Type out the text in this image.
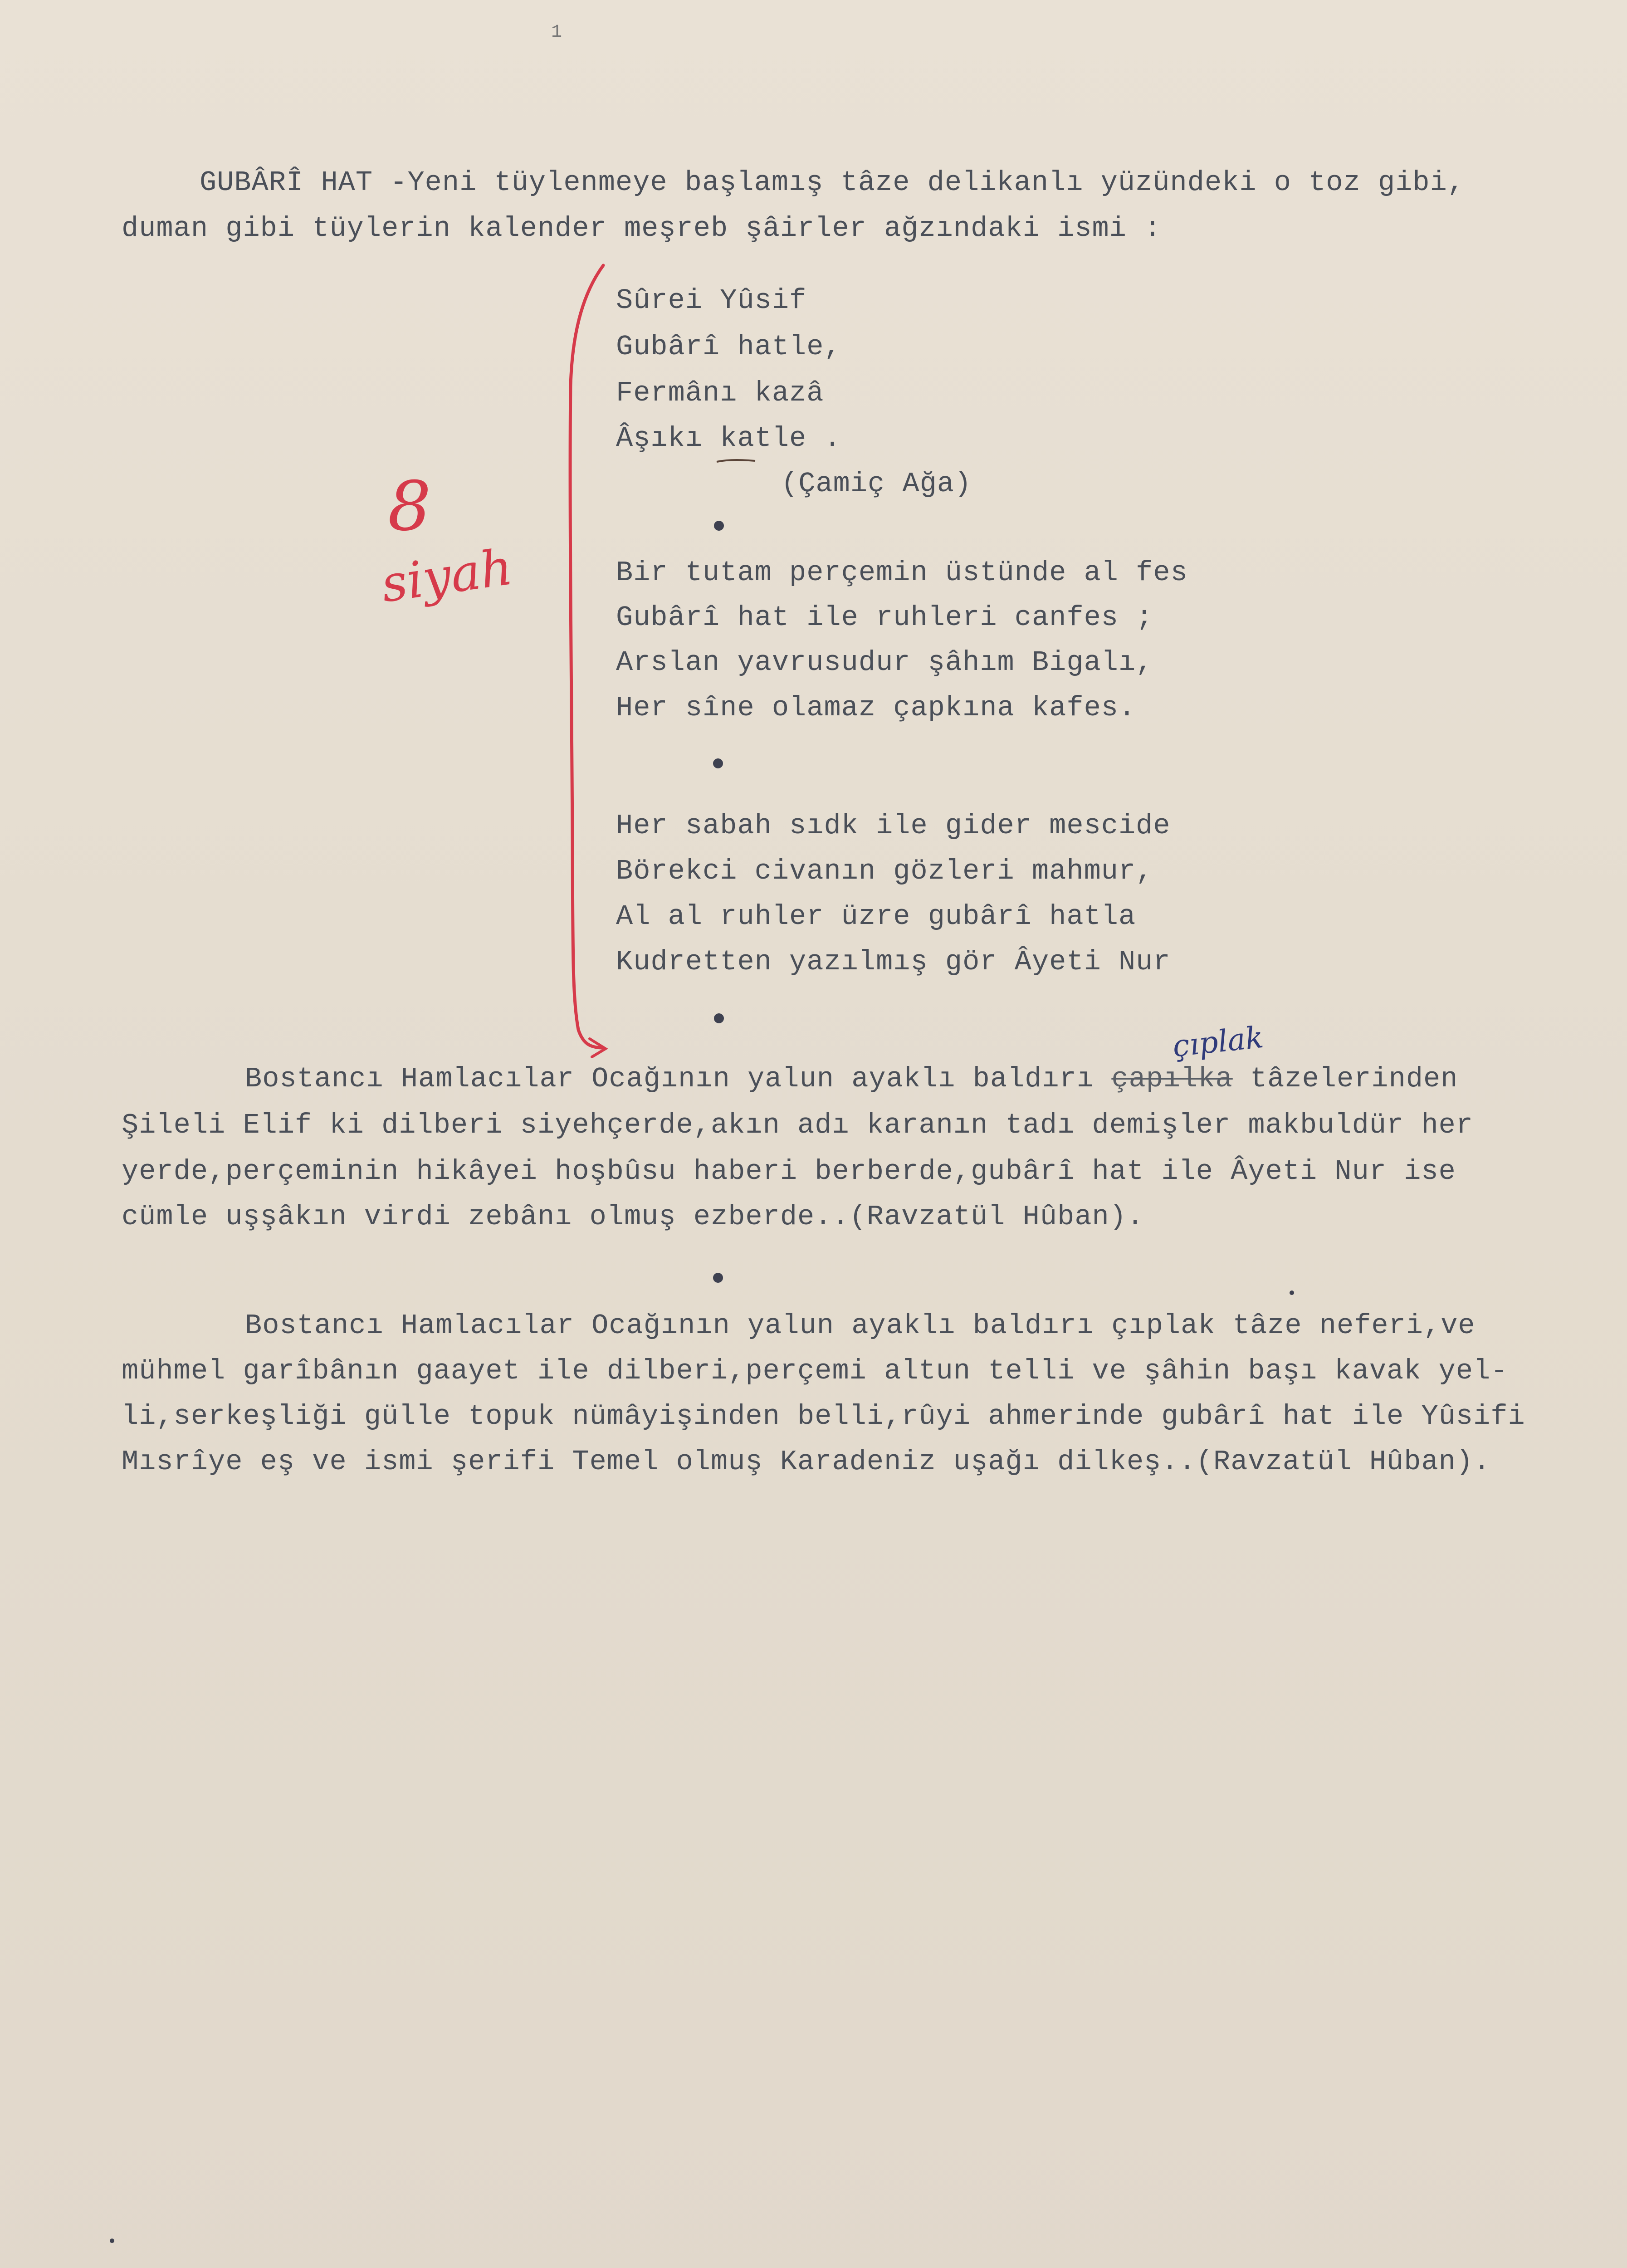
1
GUBÂRÎ HAT -Yeni tüylenmeye başlamış tâze delikanlı yüzündeki o toz gibi,
duman gibi tüylerin kalender meşreb şâirler ağzındaki ismi :
Sûrei Yûsif
Gubârî hatle,
Fermânı kazâ
Âşıkı katle .
(Çamiç Ağa)
Bir tutam perçemin üstünde al fes
Gubârî hat ile ruhleri canfes ;
Arslan yavrusudur şâhım Bigalı,
Her sîne olamaz çapkına kafes.
Her sabah sıdk ile gider mescide
Börekci civanın gözleri mahmur,
Al al ruhler üzre gubârî hatla
Kudretten yazılmış gör Âyeti Nur
8
siyah
Bostancı Hamlacılar Ocağının yalun ayaklı baldırı çapılka tâzelerinden
çıplak
Şileli Elif ki dilberi siyehçerde,akın adı karanın tadı demişler makbuldür her
yerde,perçeminin hikâyei hoşbûsu haberi berberde,gubârî hat ile Âyeti Nur ise
cümle uşşâkın virdi zebânı olmuş ezberde..(Ravzatül Hûban).
Bostancı Hamlacılar Ocağının yalun ayaklı baldırı çıplak tâze neferi,ve
mühmel garîbânın gaayet ile dilberi,perçemi altun telli ve şâhin başı kavak yel-
li,serkeşliği gülle topuk nümâyişinden belli,rûyi ahmerinde gubârî hat ile Yûsifi
Mısrîye eş ve ismi şerifi Temel olmuş Karadeniz uşağı dilkeş..(Ravzatül Hûban).
